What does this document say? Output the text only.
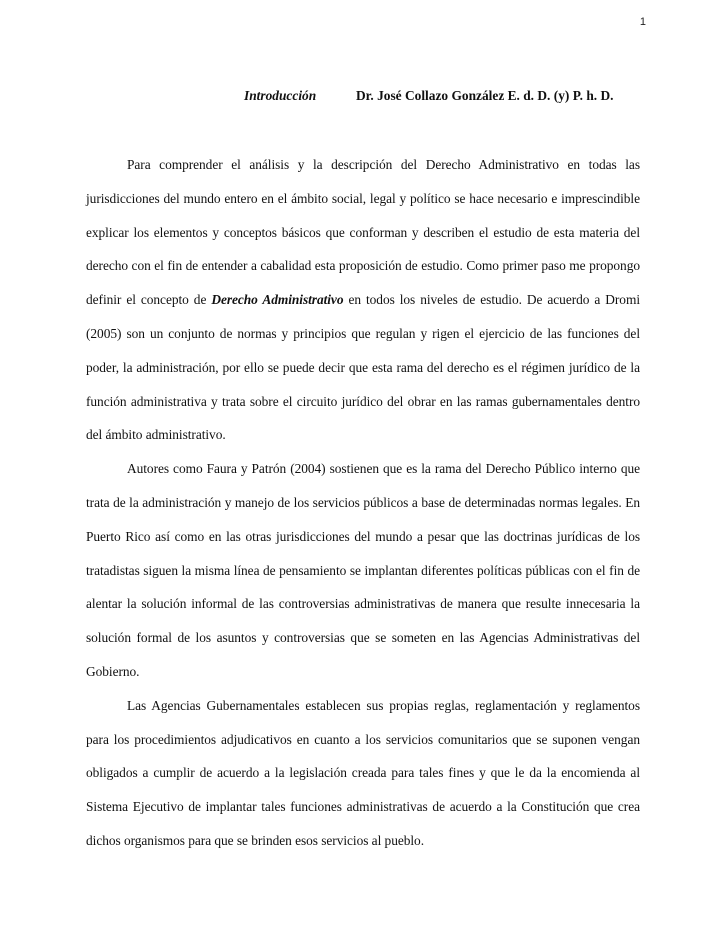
1
Introducción	Dr. José Collazo González E. d. D. (y) P. h. D.

Para comprender el análisis y la descripción del Derecho Administrativo en todas las jurisdicciones del mundo entero en el ámbito social, legal y político se hace necesario e imprescindible explicar los elementos y conceptos básicos que conforman y describen el estudio de esta materia del derecho con el fin de entender a cabalidad esta proposición de estudio. Como primer paso me propongo definir el concepto de Derecho Administrativo en todos los niveles de estudio. De acuerdo a Dromi (2005) son un conjunto de normas y principios que regulan y rigen el ejercicio de las funciones del poder, la administración, por ello se puede decir que esta rama del derecho es el régimen jurídico de la función administrativa y trata sobre el circuito jurídico del obrar en las ramas gubernamentales dentro del ámbito administrativo.

Autores como Faura y Patrón (2004) sostienen que es la rama del Derecho Público interno que trata de la administración y manejo de los servicios públicos a base de determinadas normas legales. En Puerto Rico así como en las otras jurisdicciones del mundo a pesar que las doctrinas jurídicas de los tratadistas siguen la misma línea de pensamiento se implantan diferentes políticas públicas con el fin de alentar la solución informal de las controversias administrativas de manera que resulte innecesaria la solución formal de los asuntos y controversias que se someten en las Agencias Administrativas del Gobierno.

Las Agencias Gubernamentales establecen sus propias reglas, reglamentación y reglamentos para los procedimientos adjudicativos en cuanto a los servicios comunitarios que se suponen vengan obligados a cumplir de acuerdo a la legislación creada para tales fines y que le da la encomienda al Sistema Ejecutivo de implantar tales funciones administrativas de acuerdo a la Constitución que crea dichos organismos para que se brinden esos servicios al pueblo.
